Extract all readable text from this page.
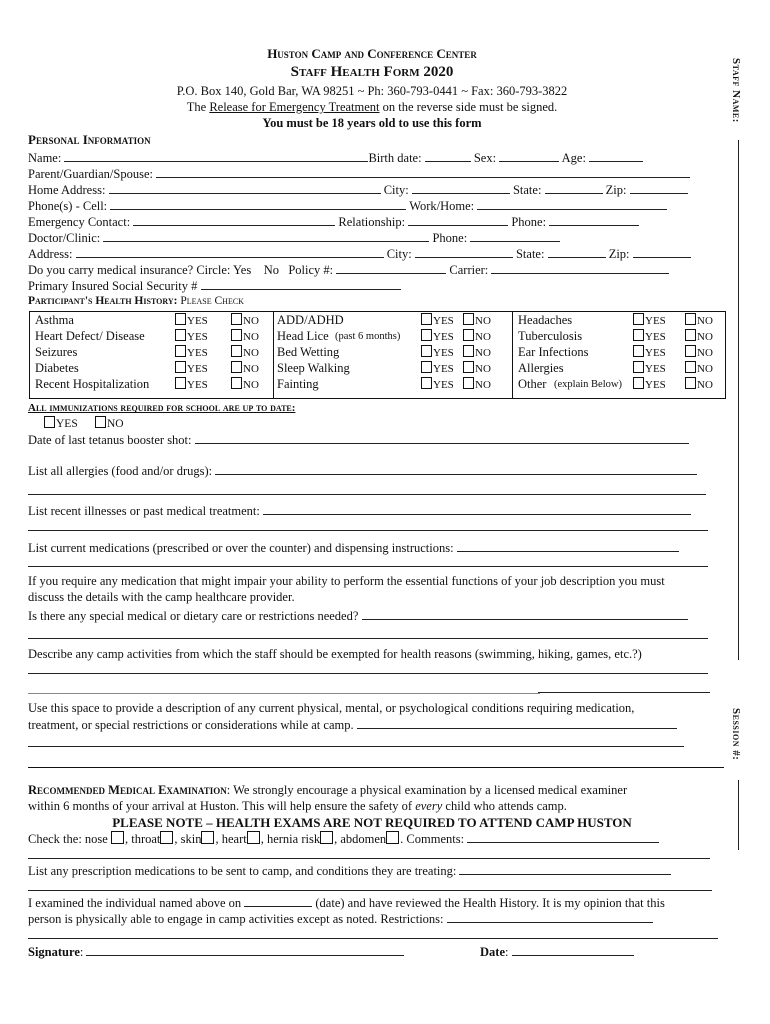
Huston Camp and Conference Center
Staff Health Form 2020
P.O. Box 140, Gold Bar, WA 98251 ~ Ph: 360-793-0441 ~ Fax: 360-793-3822
The Release for Emergency Treatment on the reverse side must be signed.
You must be 18 years old to use this form
Staff Name:
Session #:
Personal Information
Name:	Birth date:	Sex:	Age:
Parent/Guardian/Spouse:
Home Address:	City:	State:	Zip:
Phone(s) - Cell:	Work/Home:
Emergency Contact:	Relationship:	Phone:
Doctor/Clinic:	Phone:
Address:	City:	State:	Zip:
Do you carry medical insurance? Circle: Yes No Policy #:	Carrier:
Primary Insured Social Security #
Participant's Health History: Please Check
Asthma	YES	NO
Heart Defect/ Disease	YES	NO
Seizures	YES	NO
Diabetes	YES	NO
Recent Hospitalization	YES	NO
ADD/ADHD	YES	NO
Head Lice (past 6 months)	YES	NO
Bed Wetting	YES	NO
Sleep Walking	YES	NO
Fainting	YES	NO
Headaches	YES	NO
Tuberculosis	YES	NO
Ear Infections	YES	NO
Allergies	YES	NO
Other (explain Below)	YES	NO
All immunizations required for school are up to date:
YES	NO
Date of last tetanus booster shot:
List all allergies (food and/or drugs):
List recent illnesses or past medical treatment:
List current medications (prescribed or over the counter) and dispensing instructions:
If you require any medication that might impair your ability to perform the essential functions of your job description you must
discuss the details with the camp healthcare provider.
Is there any special medical or dietary care or restrictions needed?
Describe any camp activities from which the staff should be exempted for health reasons (swimming, hiking, games, etc.?)
Use this space to provide a description of any current physical, mental, or psychological conditions requiring medication,
treatment, or special restrictions or considerations while at camp.
Recommended Medical Examination: We strongly encourage a physical examination by a licensed medical examiner
within 6 months of your arrival at Huston. This will help ensure the safety of every child who attends camp.
PLEASE NOTE – HEALTH EXAMS ARE NOT REQUIRED TO ATTEND CAMP HUSTON
Check the: nose , throat , skin , heart , hernia risk , abdomen . Comments:
List any prescription medications to be sent to camp, and conditions they are treating:
I examined the individual named above on	(date) and have reviewed the Health History. It is my opinion that this
person is physically able to engage in camp activities except as noted. Restrictions:
Signature:	Date:
